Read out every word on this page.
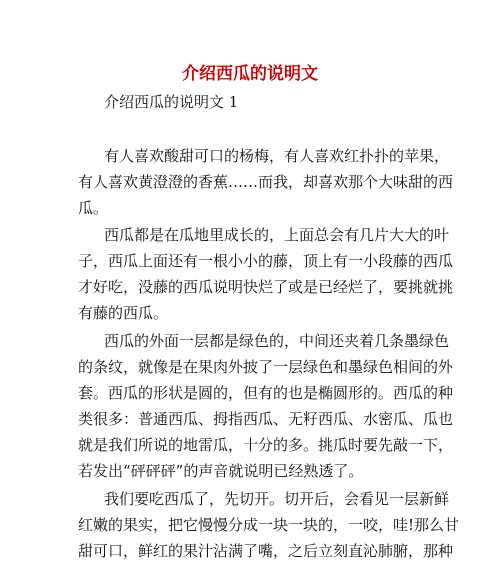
介绍西瓜的说明文
介绍西瓜的说明文 1
有人喜欢酸甜可口的杨梅，有人喜欢红扑扑的苹果，
有人喜欢黄澄澄的香蕉……而我，却喜欢那个大味甜的西
瓜。
西瓜都是在瓜地里成长的，上面总会有几片大大的叶
子，西瓜上面还有一根小小的藤，顶上有一小段藤的西瓜
才好吃，没藤的西瓜说明快烂了或是已经烂了，要挑就挑
有藤的西瓜。
西瓜的外面一层都是绿色的，中间还夹着几条墨绿色
的条纹，就像是在果肉外披了一层绿色和墨绿色相间的外
套。西瓜的形状是圆的，但有的也是椭圆形的。西瓜的种
类很多：普通西瓜、拇指西瓜、无籽西瓜、水密瓜、瓜也
就是我们所说的地雷瓜，十分的多。挑瓜时要先敲一下，
若发出“砰砰砰”的声音就说明已经熟透了。
我们要吃西瓜了，先切开。切开后，会看见一层新鲜
红嫩的果实，把它慢慢分成一块一块的，一咬，哇!那么甘
甜可口，鲜红的果汁沾满了嘴，之后立刻直沁肺腑，那种
